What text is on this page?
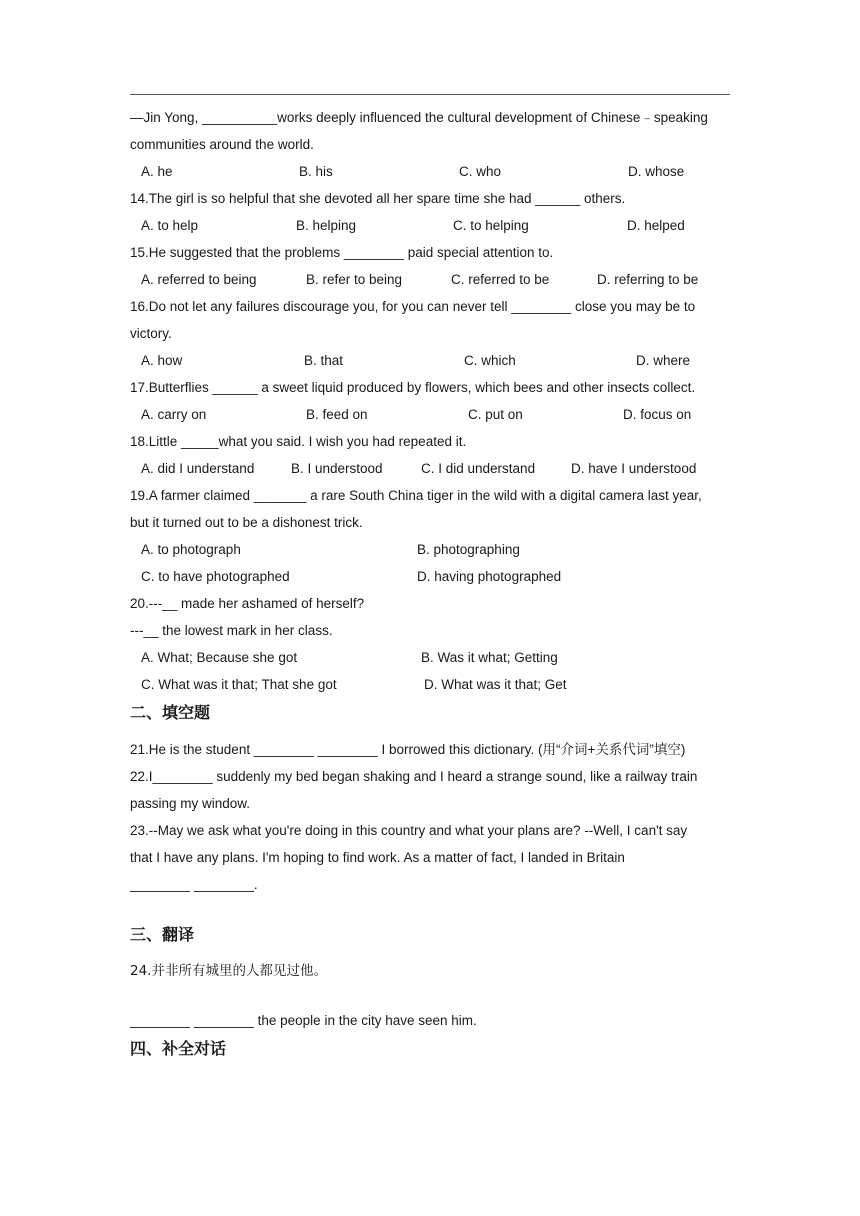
—Jin Yong, __________works deeply influenced the cultural development of Chinese﹣speaking
communities around the world.
A. he	B. his	C. who	D. whose
14.The girl is so helpful that she devoted all her spare time she had ______ others.
A. to help	B. helping	C. to helping	D. helped
15.He suggested that the problems ________ paid special attention to.
A. referred to being	B. refer to being	C. referred to be	D. referring to be
16.Do not let any failures discourage you, for you can never tell ________ close you may be to
victory.
A. how	B. that	C. which	D. where
17.Butterflies ______ a sweet liquid produced by flowers, which bees and other insects collect.
A. carry on	B. feed on	C. put on	D. focus on
18.Little _____what you said. I wish you had repeated it.
A. did I understand	B. I understood	C. I did understand	D. have I understood
19.A farmer claimed _______ a rare South China tiger in the wild with a digital camera last year,
but it turned out to be a dishonest trick.
A. to photograph	B. photographing
C. to have photographed	D. having photographed
20.---__ made her ashamed of herself?
---__ the lowest mark in her class.
A. What; Because she got	B. Was it what; Getting
C. What was it that; That she got	D. What was it that; Get
二、填空题
21.He is the student ________ ________ I borrowed this dictionary. (用“介词+关系代词”填空)
22.I________ suddenly my bed began shaking and I heard a strange sound, like a railway train
passing my window.
23.--May we ask what you're doing in this country and what your plans are? --Well, I can't say
that I have any plans. I'm hoping to find work. As a matter of fact, I landed in Britain
________ ________.
三、翻译
24.并非所有城里的人都见过他。
________ ________ the people in the city have seen him.
四、补全对话
